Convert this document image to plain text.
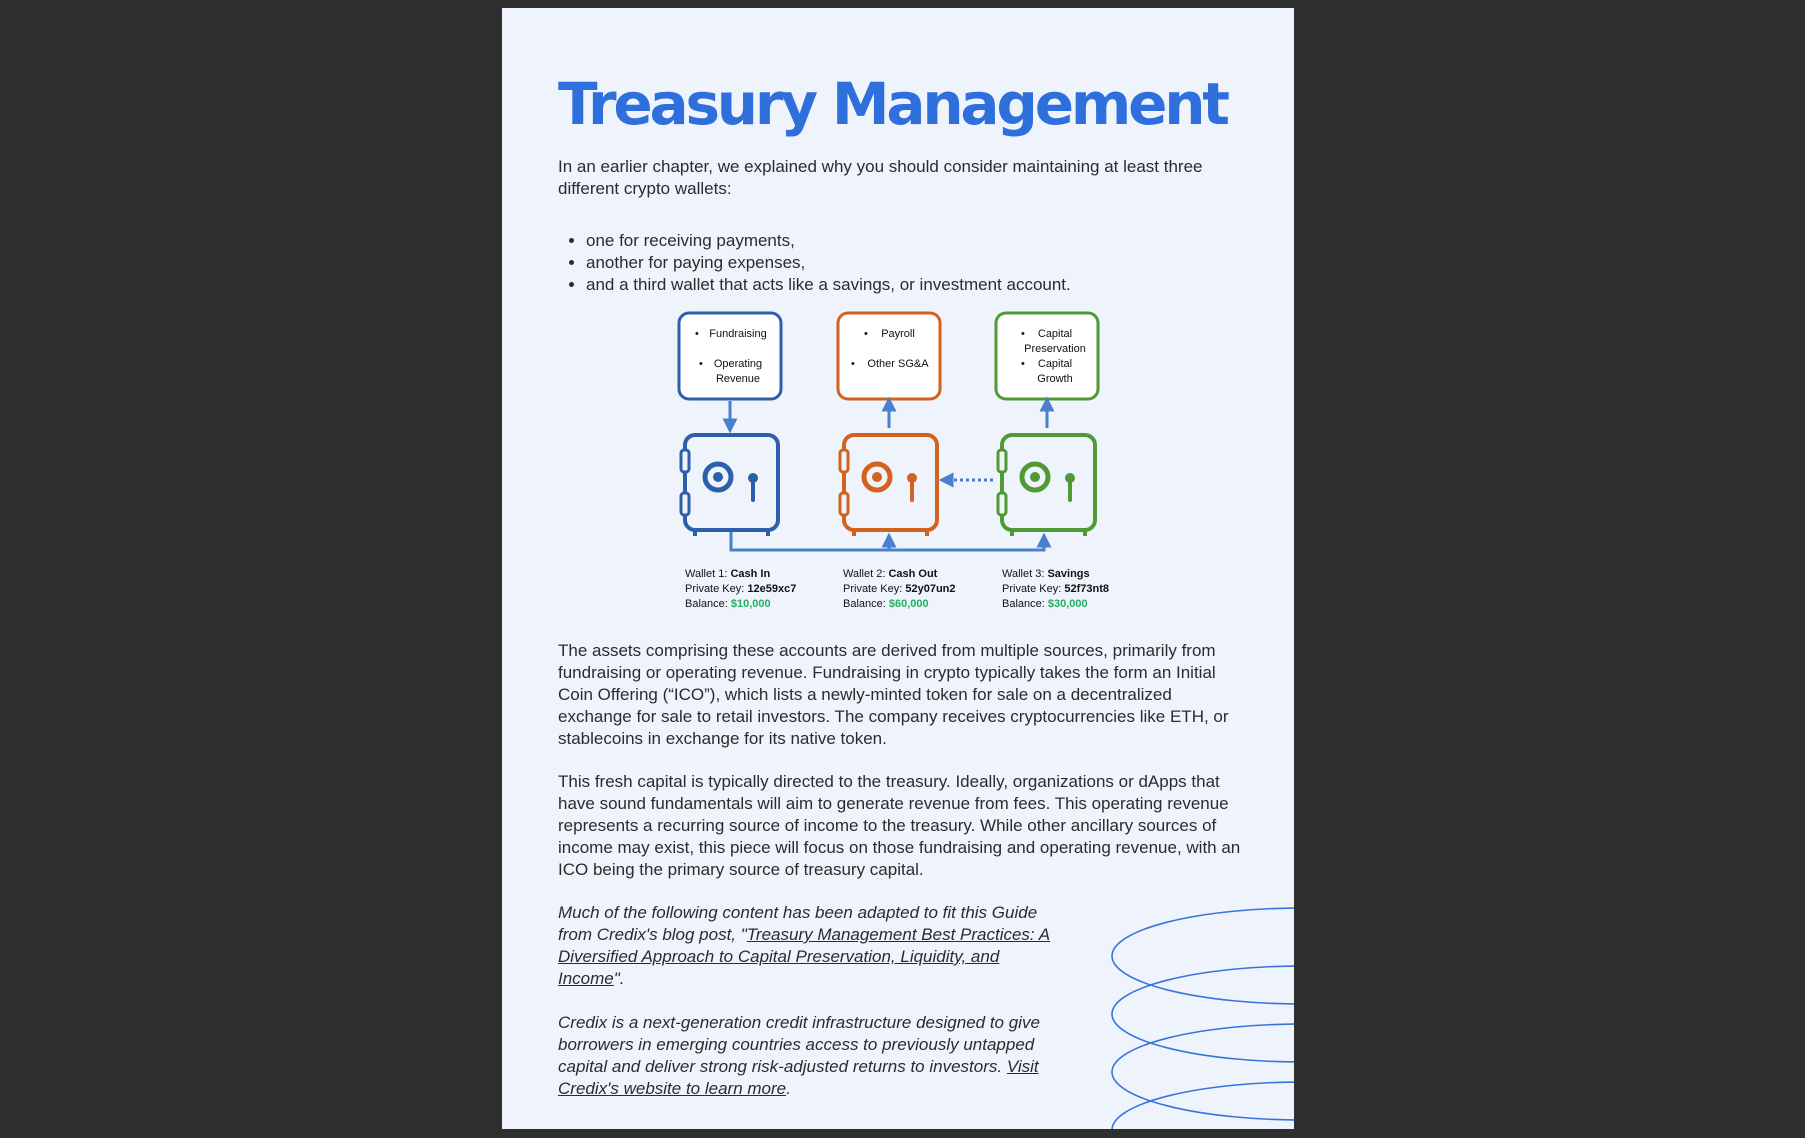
Treasury Management

In an earlier chapter, we explained why you should consider maintaining at least three different crypto wallets:

• one for receiving payments,
• another for paying expenses,
• and a third wallet that acts like a savings, or investment account.
• Fundraising
• Operating
Revenue
• Payroll
• Other SG&A
• Capital
Preservation
• Capital
Growth
Wallet 1: Cash In
Private Key: 12e59xc7
Balance: $10,000
Wallet 2: Cash Out
Private Key: 52y07un2
Balance: $60,000
Wallet 3: Savings
Private Key: 52f73nt8
Balance: $30,000

The assets comprising these accounts are derived from multiple sources, primarily from fundraising or operating revenue. Fundraising in crypto typically takes the form an Initial Coin Offering (“ICO”), which lists a newly-minted token for sale on a decentralized exchange for sale to retail investors. The company receives cryptocurrencies like ETH, or stablecoins in exchange for its native token.

This fresh capital is typically directed to the treasury. Ideally, organizations or dApps that have sound fundamentals will aim to generate revenue from fees. This operating revenue represents a recurring source of income to the treasury. While other ancillary sources of income may exist, this piece will focus on those fundraising and operating revenue, with an ICO being the primary source of treasury capital.

Much of the following content has been adapted to fit this Guide from Credix's blog post, "Treasury Management Best Practices: A Diversified Approach to Capital Preservation, Liquidity, and Income".

Credix is a next-generation credit infrastructure designed to give borrowers in emerging countries access to previously untapped capital and deliver strong risk-adjusted returns to investors. Visit Credix's website to learn more.
